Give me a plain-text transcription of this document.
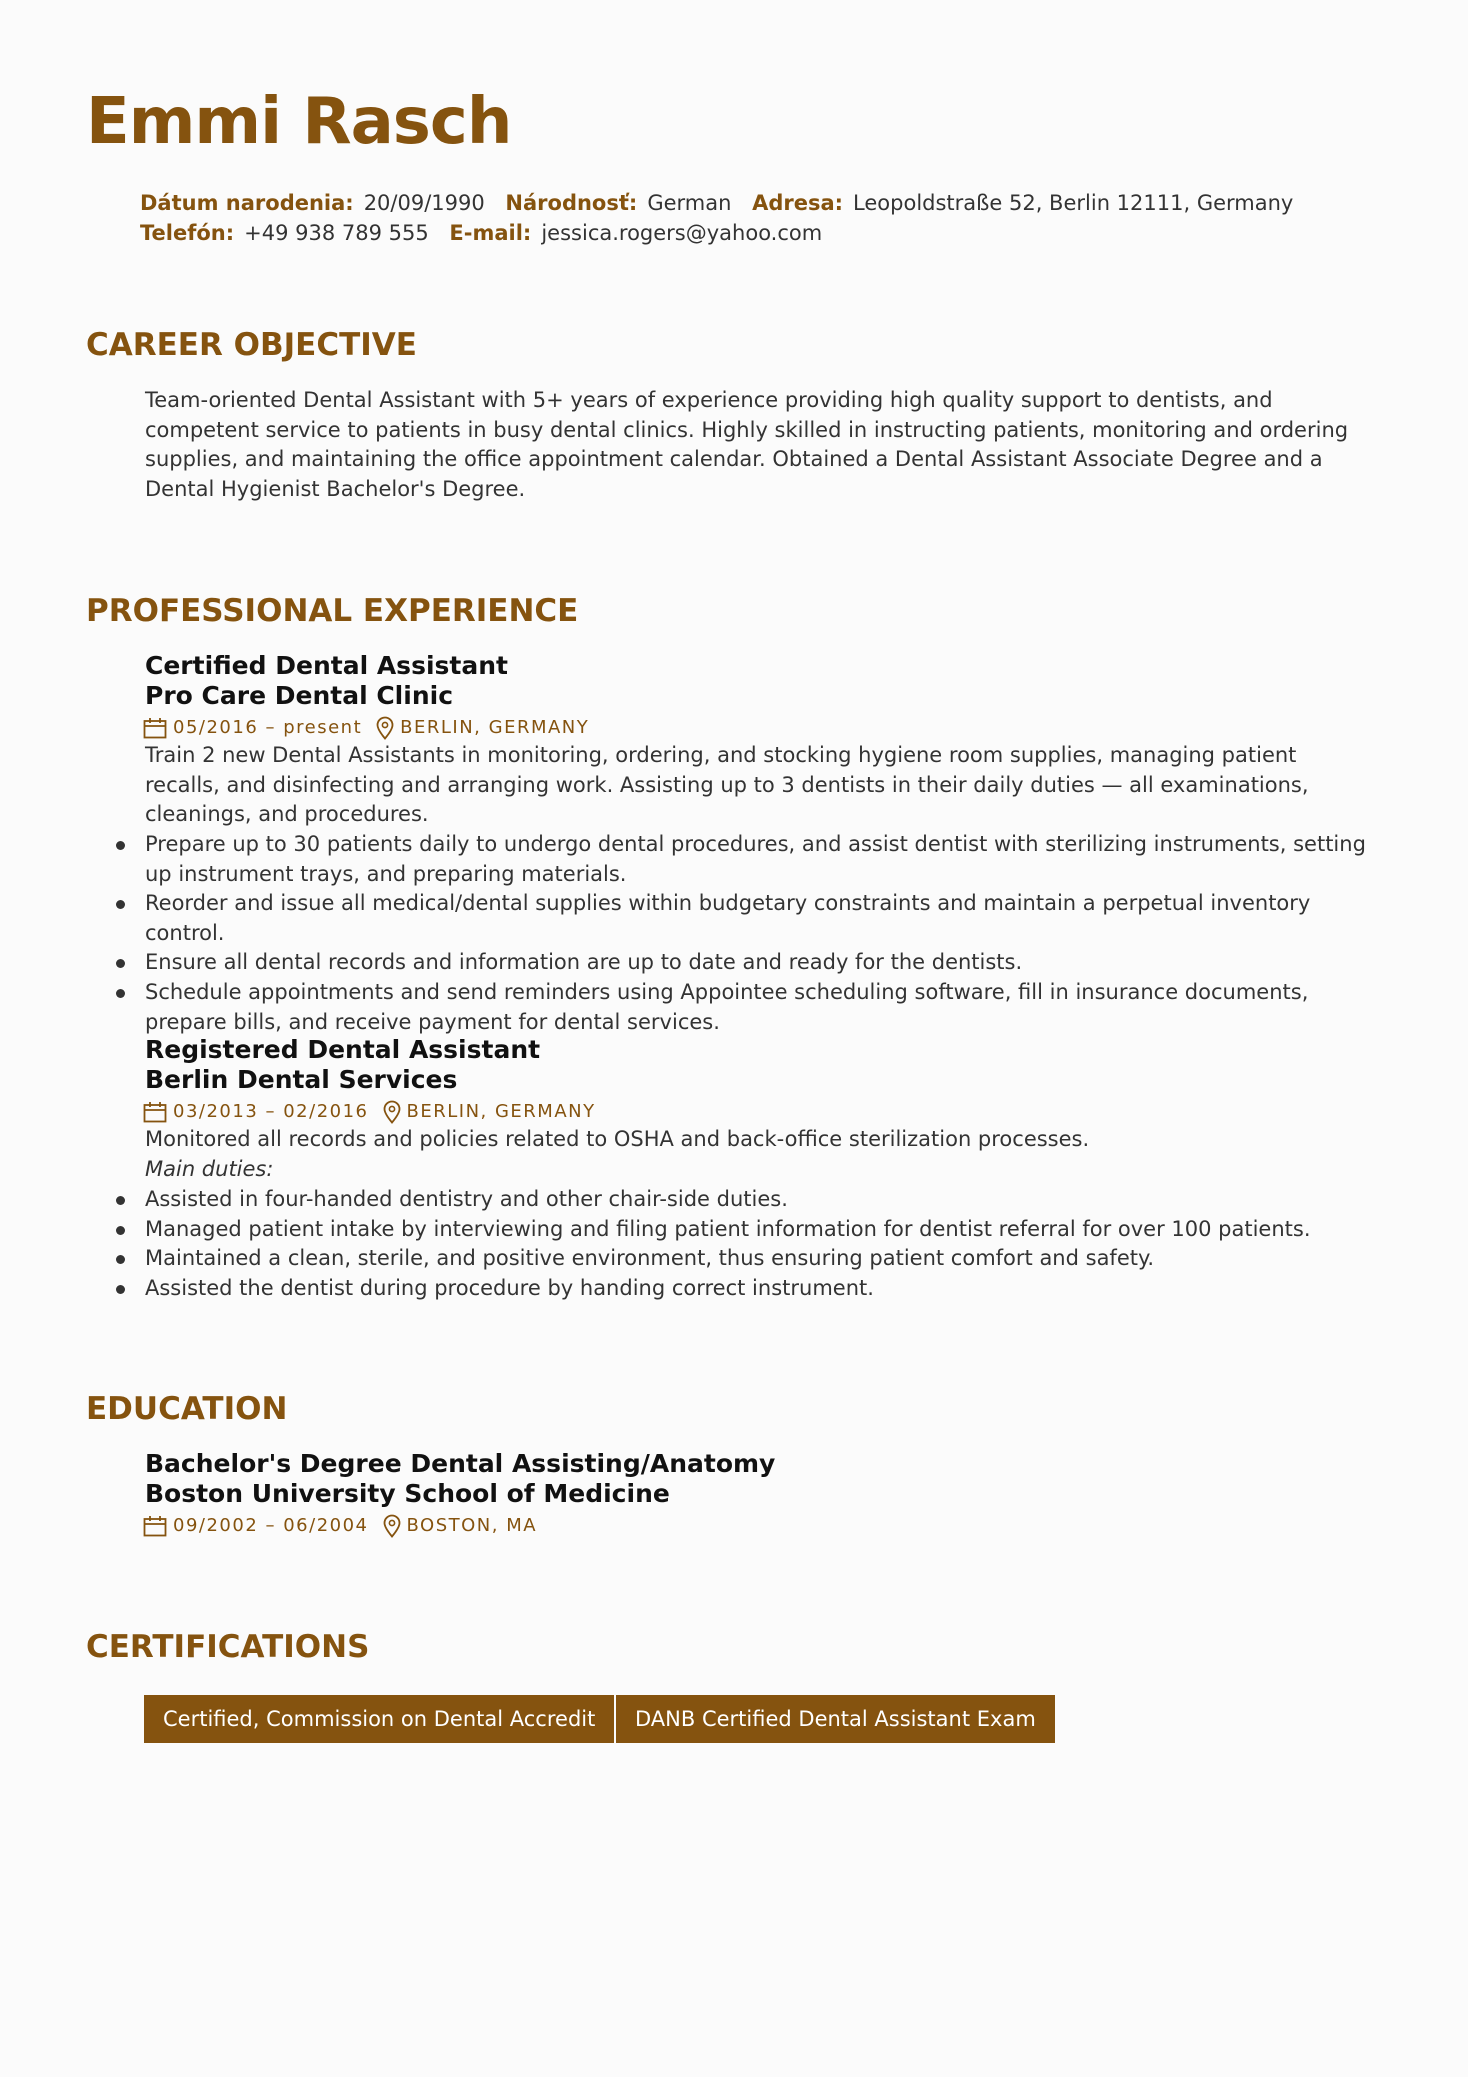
Emmi Rasch
Dátum narodenia: 20/09/1990 Národnosť: German Adresa: Leopoldstraße 52, Berlin 12111, Germany
Telefón: +49 938 789 555 E-mail: jessica.rogers@yahoo.com
CAREER OBJECTIVE

Team-oriented Dental Assistant with 5+ years of experience providing high quality support to dentists, and competent service to patients in busy dental clinics. Highly skilled in instructing patients, monitoring and ordering supplies, and maintaining the office appointment calendar. Obtained a Dental Assistant Associate Degree and a Dental Hygienist Bachelor's Degree.

PROFESSIONAL EXPERIENCE
Certified Dental Assistant
Pro Care Dental Clinic
05/2016 – present BERLIN, GERMANY

Train 2 new Dental Assistants in monitoring, ordering, and stocking hygiene room supplies, managing patient recalls, and disinfecting and arranging work. Assisting up to 3 dentists in their daily duties — all examinations, cleanings, and procedures.

Prepare up to 30 patients daily to undergo dental procedures, and assist dentist with sterilizing instruments, setting up instrument trays, and preparing materials.
Reorder and issue all medical/dental supplies within budgetary constraints and maintain a perpetual inventory control.
Ensure all dental records and information are up to date and ready for the dentists.
Schedule appointments and send reminders using Appointee scheduling software, fill in insurance documents, prepare bills, and receive payment for dental services.
Registered Dental Assistant
Berlin Dental Services
03/2013 – 02/2016 BERLIN, GERMANY

Monitored all records and policies related to OSHA and back-office sterilization processes.

Main duties:

Assisted in four-handed dentistry and other chair-side duties.
Managed patient intake by interviewing and filing patient information for dentist referral for over 100 patients.
Maintained a clean, sterile, and positive environment, thus ensuring patient comfort and safety.
Assisted the dentist during procedure by handing correct instrument.
EDUCATION
Bachelor's Degree Dental Assisting/Anatomy
Boston University School of Medicine
09/2002 – 06/2004 BOSTON, MA
CERTIFICATIONS
Certified, Commission on Dental Accredit	DANB Certified Dental Assistant Exam
